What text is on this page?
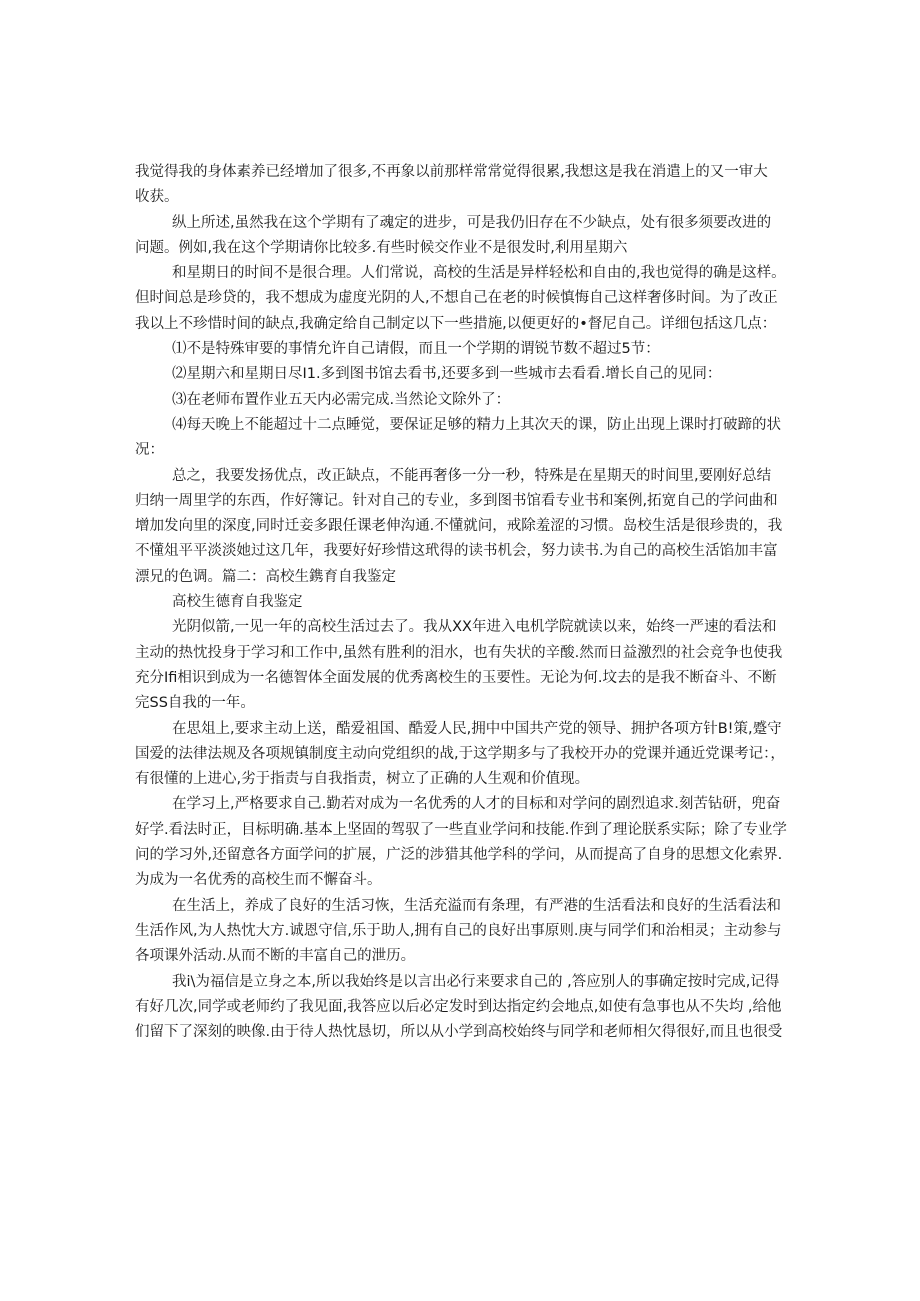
我觉得我的身体素养已经增加了很多,不再象以前那样常常觉得很累,我想这是我在消遣上的又一审大
收获。
纵上所述,虽然我在这个学期有了魂定的进步，可是我仍旧存在不少缺点，处有很多须要改进的
问题。例如,我在这个学期请你比较多.有些时候交作业不是很发时,利用星期六
和星期日的时间不是很合理。人们常说，高校的生活是异样轻松和自由的,我也觉得的确是这样。
但时间总是珍贷的，我不想成为虚度光阴的人,不想自己在老的时候慎悔自己这样奢侈时间。为了改正
我以上不珍惜时间的缺点,我确定给自己制定以下一些措施,以便更好的•督尼自己。详细包括这几点：
⑴不是特殊审要的事情允许自己请假，而且一个学期的谓锐节数不超过5节：
⑵星期六和星期日尽I1.多到图书馆去看书,还要多到一些城市去看看.增长自己的见同：
⑶在老师布置作业五天内必需完成.当然论文除外了：
⑷每天晚上不能超过十二点睡觉，要保证足够的精力上其次天的课，防止出现上课时打破蹄的状
况：
总之，我要发扬优点，改正缺点，不能再奢侈一分一秒，特殊是在星期天的时间里,要刚好总结
归纳一周里学的东西，作好簿记。针对自己的专业，多到图书馆看专业书和案例,拓宽自己的学问曲和
增加发向里的深度,同时迁妾多跟任课老伸沟通.不懂就问，戒除羞涩的习惯。岛校生活是很珍贵的，我
不懂俎平平淡淡她过这几年，我要好好珍惜这玳得的读书机会，努力读书.为自己的高校生活馅加丰富
漂兄的色调。篇二：高校生鎸育自我鉴定
高校生德育自我鉴定
光阴似箭,一见一年的高校生活过去了。我从XX年进入电机学院就读以来，始终一严速的看法和
主动的热忱投身于学习和工作中,虽然有胜利的泪水，也有失状的辛酸.然而日益激烈的社会竞争也使我
充分Ifi相识到成为一名德智体全面发展的优秀离校生的玉要性。无论为何.坟去的是我不断奋斗、不断
完SS自我的一年。
在思俎上,要求主动上送，酷爱祖国、酷爱人民,拥中中国共产党的领导、拥护各项方针B!策,蹙守
国爱的法律法规及各项规镇制度主动向党组织的战,于这学期多与了我校开办的党课并通近党课考记：，
有很懂的上进心,劣于指责与自我指责，树立了正确的人生观和价值现。
在学习上,严格要求自己.勤若对成为一名优秀的人才的目标和对学问的剧烈追求.刻苦钻研，兜奋
好学.看法时正，目标明确.基本上坚固的驾驭了一些直业学问和技能.作到了理论朕系实际；除了专业学
问的学习外,还留意各方面学问的扩展，广泛的涉猎其他学科的学问，从而提高了自身的思想文化索界.
为成为一名优秀的高校生而不懈奋斗。
在生活上，养成了良好的生活习恢，生活充溢而有条理，有严港的生活看法和良好的生活看法和
生活作风,为人热忱大方.诚恩守信,乐于助人,拥有自己的良好出事原则.庚与同学们和治相灵；主动参与
各项课外活动.从而不断的丰富自己的泄历。
我i\为福信是立身之本,所以我始终是以言出必行来要求自己的 ,答应别人的事确定按时完成,记得
有好几次,同学或老师约了我见面,我答应以后必定发时到达指定约会地点,如使有急事也从不失均 ,给他
们留下了深刻的映像.由于待人热忱恳切，所以从小学到高校始终与同学和老师相欠得很好,而且也很受
